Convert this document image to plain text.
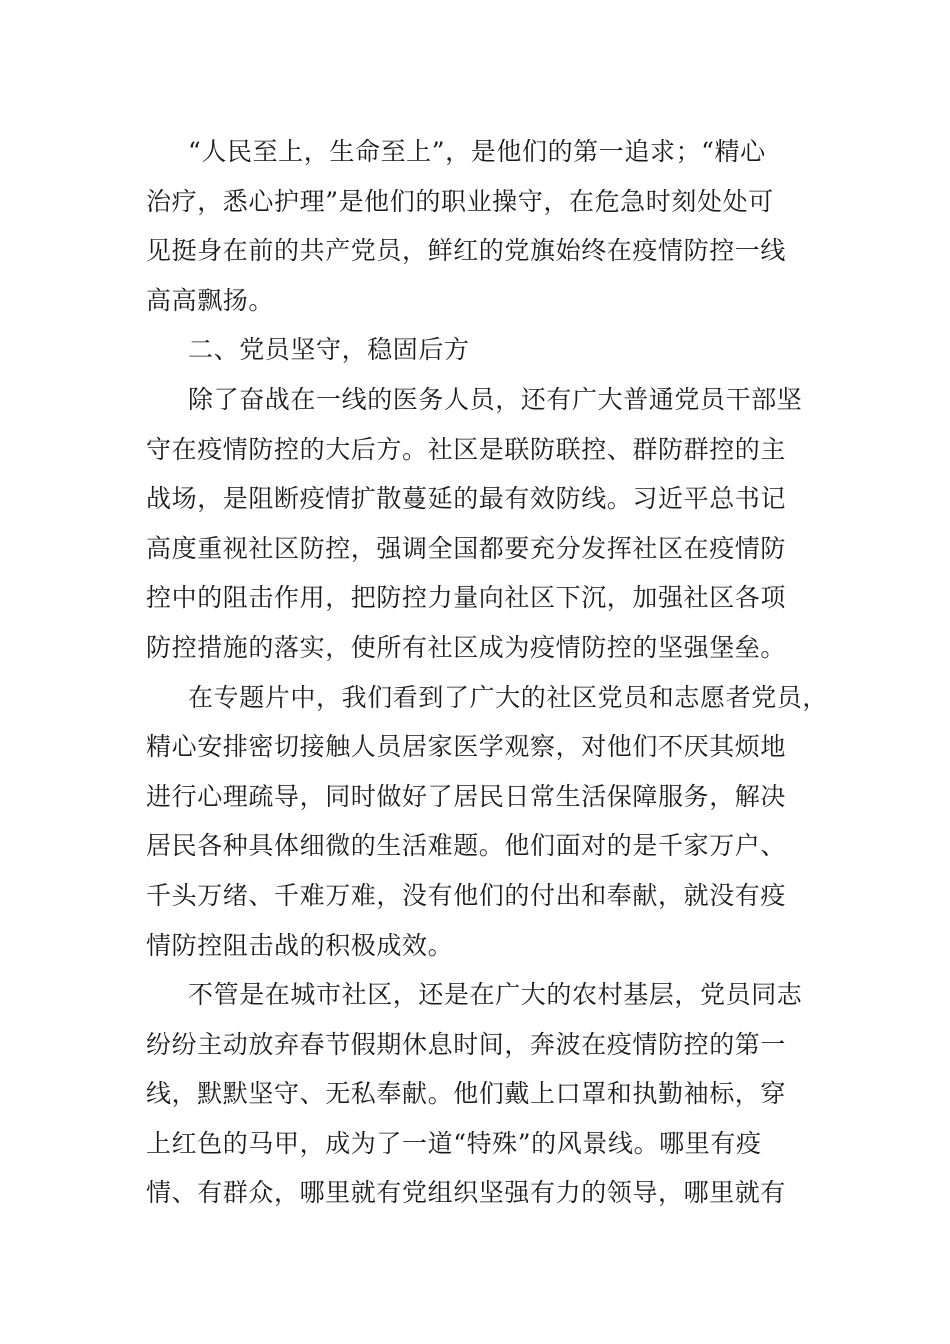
“人民至上，生命至上”，是他们的第一追求；“精心
治疗，悉心护理”是他们的职业操守，在危急时刻处处可
见挺身在前的共产党员，鲜红的党旗始终在疫情防控一线
高高飘扬。
二、党员坚守，稳固后方
除了奋战在一线的医务人员，还有广大普通党员干部坚
守在疫情防控的大后方。社区是联防联控、群防群控的主
战场，是阻断疫情扩散蔓延的最有效防线。习近平总书记
高度重视社区防控，强调全国都要充分发挥社区在疫情防
控中的阻击作用，把防控力量向社区下沉，加强社区各项
防控措施的落实，使所有社区成为疫情防控的坚强堡垒。
在专题片中，我们看到了广大的社区党员和志愿者党员，
精心安排密切接触人员居家医学观察，对他们不厌其烦地
进行心理疏导，同时做好了居民日常生活保障服务，解决
居民各种具体细微的生活难题。他们面对的是千家万户、
千头万绪、千难万难，没有他们的付出和奉献，就没有疫
情防控阻击战的积极成效。
不管是在城市社区，还是在广大的农村基层，党员同志
纷纷主动放弃春节假期休息时间，奔波在疫情防控的第一
线，默默坚守、无私奉献。他们戴上口罩和执勤袖标，穿
上红色的马甲，成为了一道“特殊”的风景线。哪里有疫
情、有群众，哪里就有党组织坚强有力的领导，哪里就有
